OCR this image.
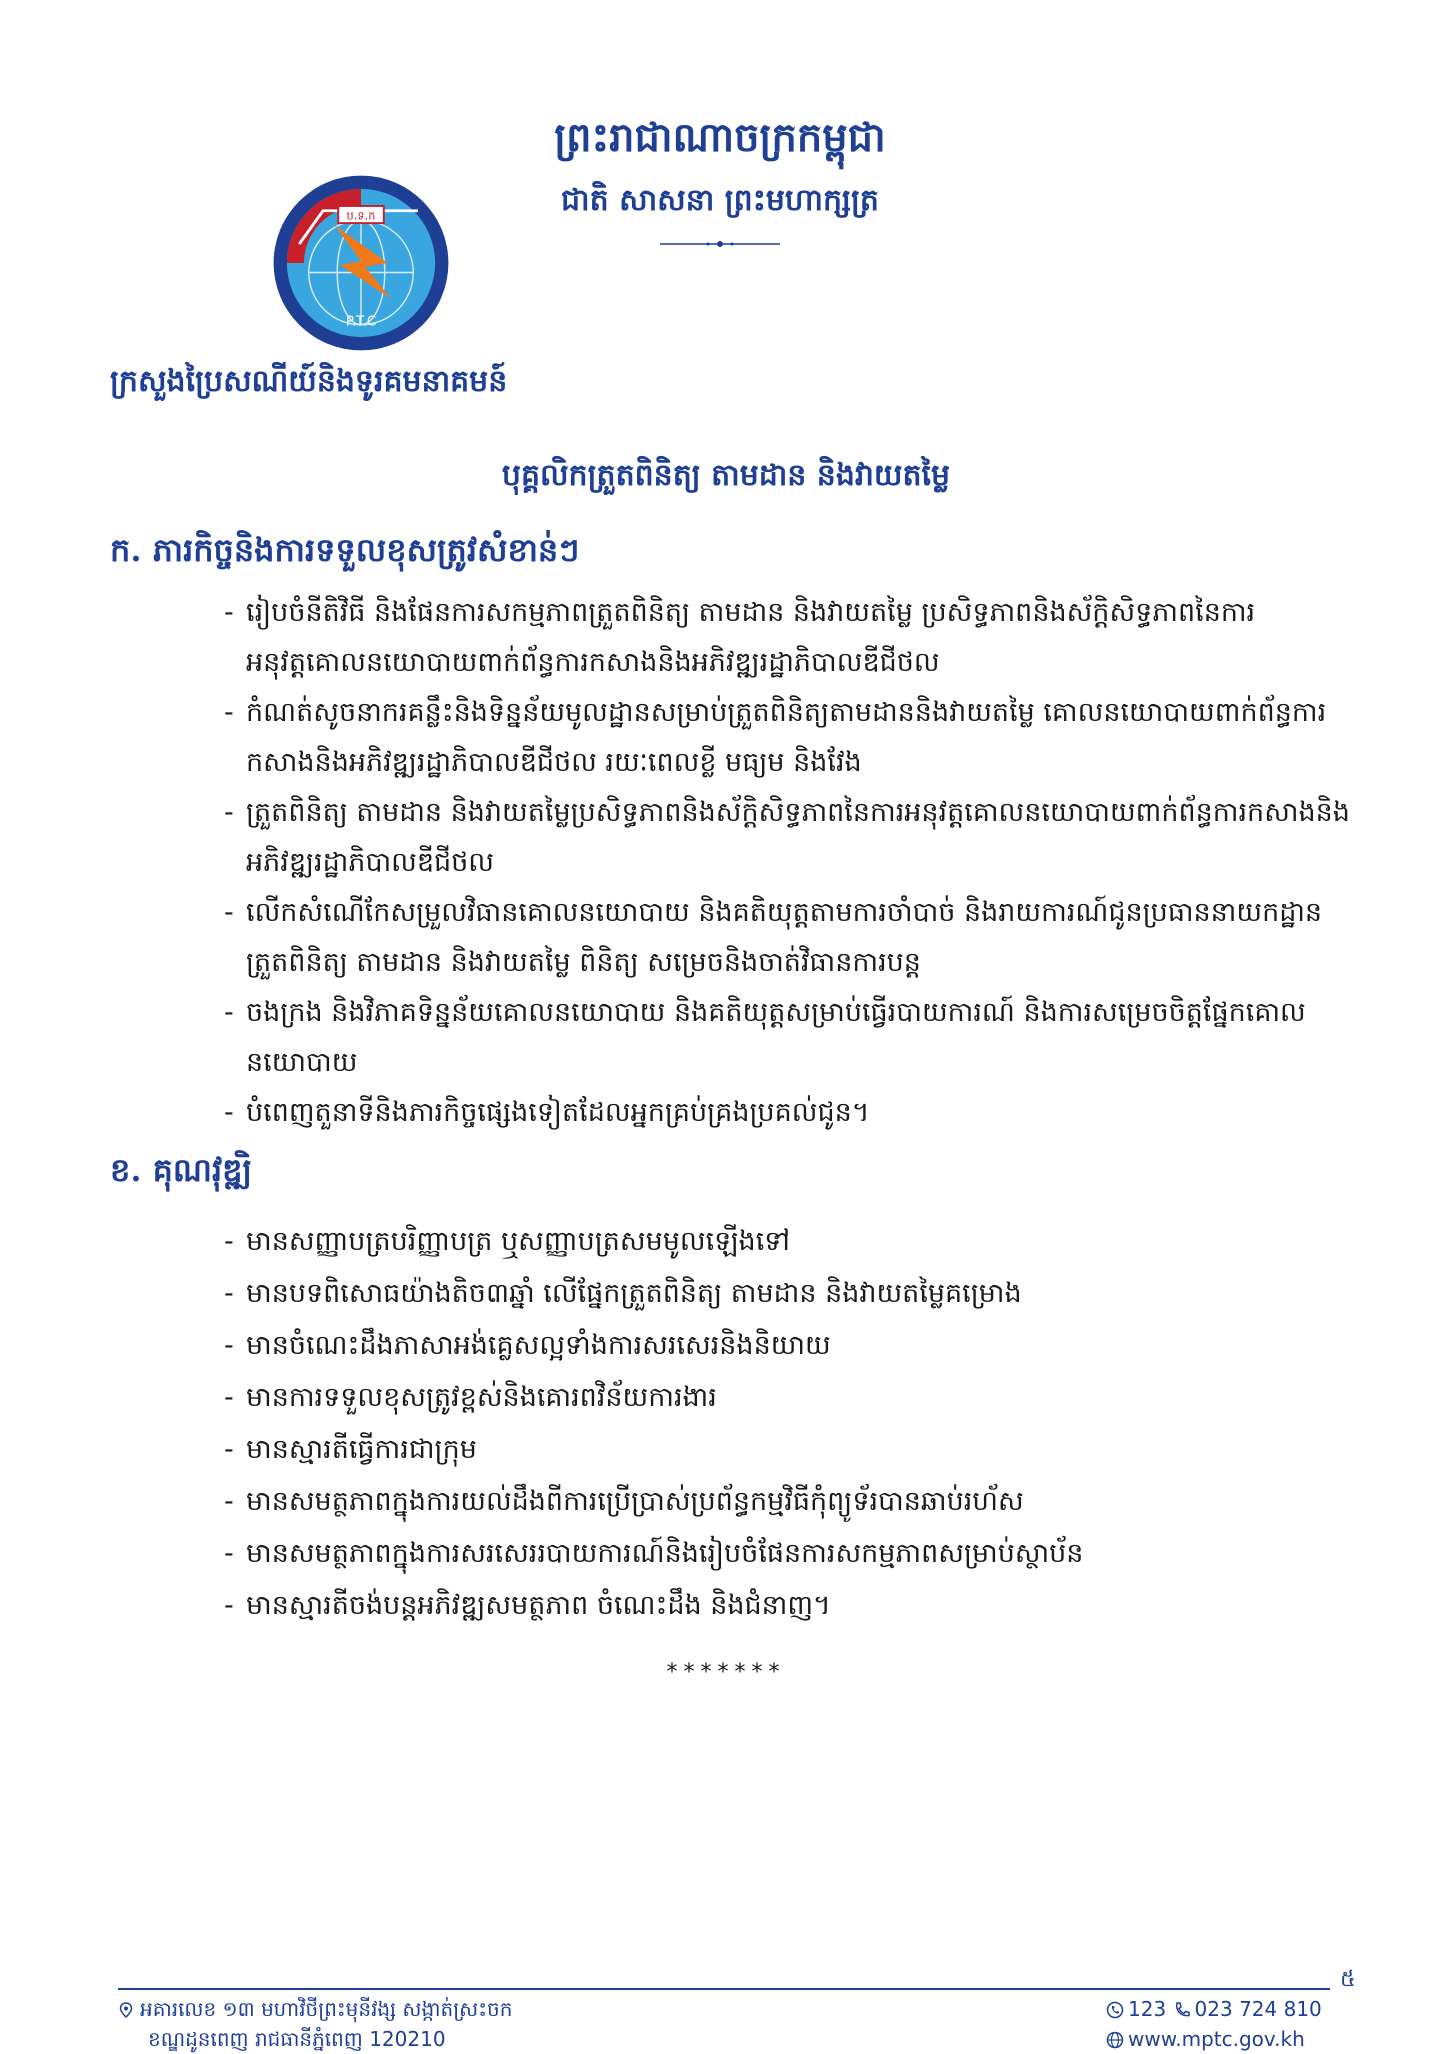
ប.ទ.ក
P.T.C
ព្រះរាជាណាចក្រកម្ពុជា
ជាតិ សាសនា ព្រះមហាក្សត្រ
ក្រសួងប្រៃសណីយ៍និងទូរគមនាគមន៍
បុគ្គលិកត្រួតពិនិត្យ តាមដាន និងវាយតម្លៃ
ក. ភារកិច្ចនិងការទទួលខុសត្រូវសំខាន់ៗ
- រៀបចំនីតិវិធី និងផែនការសកម្មភាពត្រួតពិនិត្យ តាមដាន និងវាយតម្លៃ ប្រសិទ្ធភាពនិងស័ក្តិសិទ្ធភាពនៃការអនុវត្តគោលនយោបាយពាក់ព័ន្ធការកសាងនិងអភិវឌ្ឍរដ្ឋាភិបាលឌីជីថល
- កំណត់សូចនាករគន្លឹះនិងទិន្នន័យមូលដ្ឋានសម្រាប់ត្រួតពិនិត្យតាមដាននិងវាយតម្លៃ គោលនយោបាយពាក់ព័ន្ធការកសាងនិងអភិវឌ្ឍរដ្ឋាភិបាលឌីជីថល រយៈពេលខ្លី មធ្យម និងវែង
- ត្រួតពិនិត្យ តាមដាន និងវាយតម្លៃប្រសិទ្ធភាពនិងស័ក្តិសិទ្ធភាពនៃការអនុវត្តគោលនយោបាយពាក់ព័ន្ធការកសាងនិងអភិវឌ្ឍរដ្ឋាភិបាលឌីជីថល
- លើកសំណើកែសម្រួលវិធានគោលនយោបាយ និងគតិយុត្តតាមការចាំបាច់ និងរាយការណ៍ជូនប្រធាននាយកដ្ឋានត្រួតពិនិត្យ តាមដាន និងវាយតម្លៃ ពិនិត្យ សម្រេចនិងចាត់វិធានការបន្ត
- ចងក្រង និងវិភាគទិន្នន័យគោលនយោបាយ និងគតិយុត្តសម្រាប់ធ្វើរបាយការណ៍ និងការសម្រេចចិត្តផ្នែកគោលនយោបាយ
- បំពេញតួនាទីនិងភារកិច្ចផ្សេងទៀតដែលអ្នកគ្រប់គ្រងប្រគល់ជូន។
ខ. គុណវុឌ្ឍិ
- មានសញ្ញាបត្របរិញ្ញាបត្រ ឬសញ្ញាបត្រសមមូលឡើងទៅ
- មានបទពិសោធយ៉ាងតិច៣ឆ្នាំ លើផ្នែកត្រួតពិនិត្យ តាមដាន និងវាយតម្លៃគម្រោង
- មានចំណេះដឹងភាសាអង់គ្លេសល្អទាំងការសរសេរនិងនិយាយ
- មានការទទួលខុសត្រូវខ្ពស់និងគោរពវិន័យការងារ
- មានស្មារតីធ្វើការជាក្រុម
- មានសមត្ថភាពក្នុងការយល់ដឹងពីការប្រើប្រាស់ប្រព័ន្ធកម្មវិធីកុំព្យូទ័របានឆាប់រហ័ស
- មានសមត្ថភាពក្នុងការសរសេររបាយការណ៍និងរៀបចំផែនការសកម្មភាពសម្រាប់ស្ថាប័ន
- មានស្មារតីចង់បន្តអភិវឌ្ឍសមត្ថភាព ចំណេះដឹង និងជំនាញ។
*******
៥
អគារលេខ ១៣ មហាវិថីព្រះមុនីវង្ស សង្កាត់ស្រះចក
ខណ្ឌដូនពេញ រាជធានីភ្នំពេញ 120210
123 023 724 810
www.mptc.gov.kh
